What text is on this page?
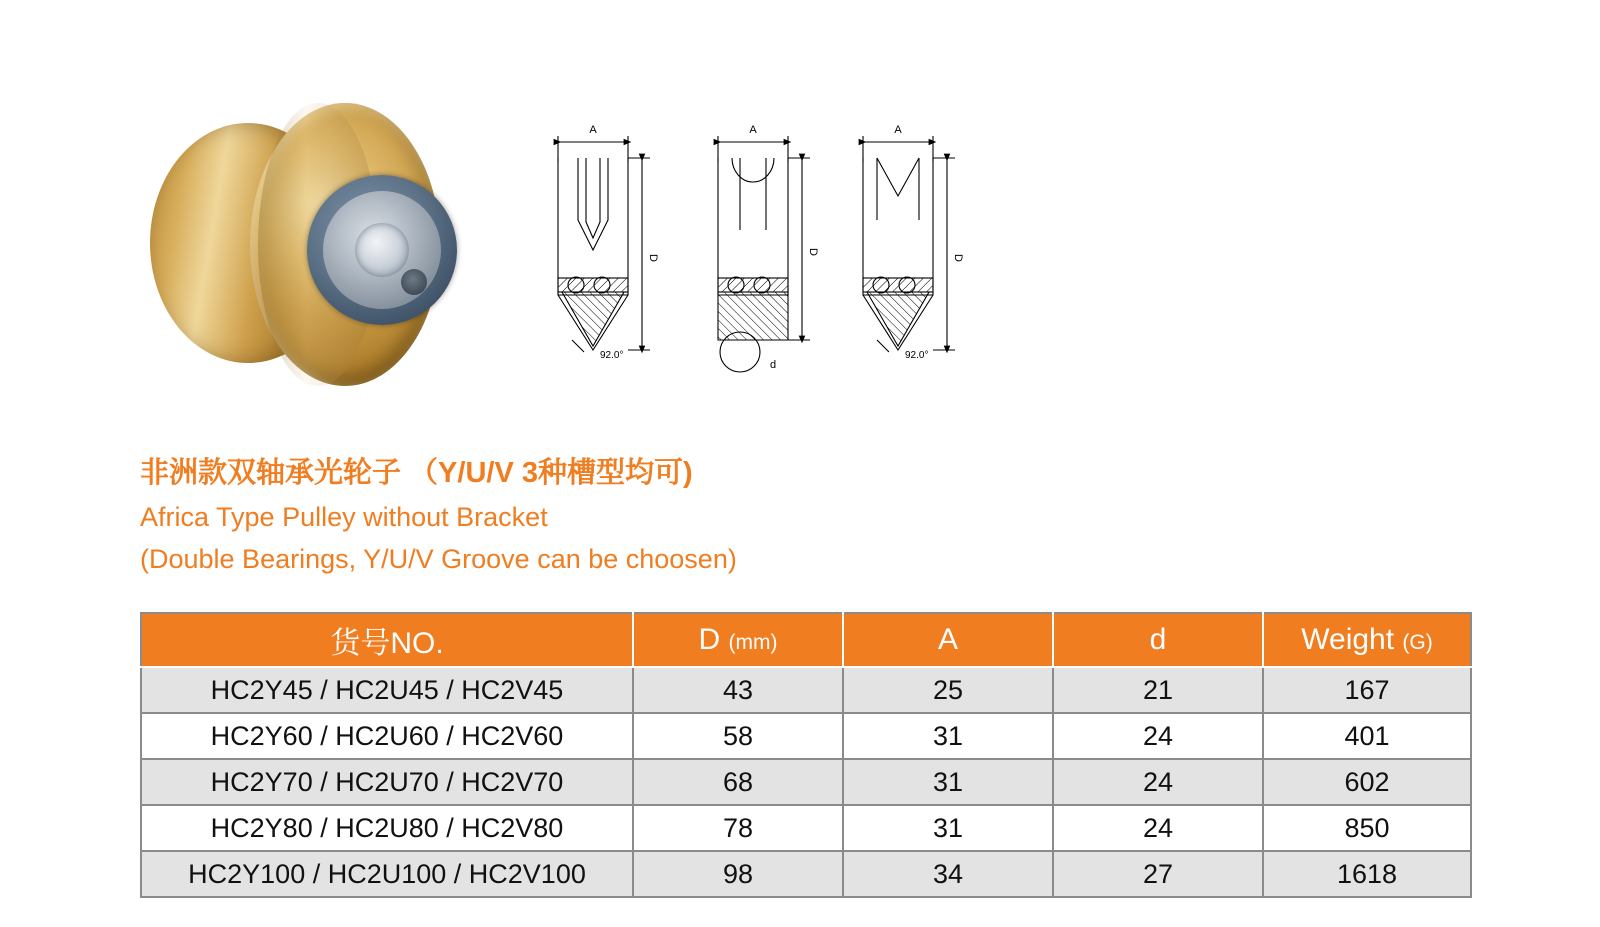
A
D
92.0°
A
d
D
A
D
92.0°
非洲款双轴承光轮子 （Y/U/V 3种槽型均可)
Africa Type Pulley without Bracket
(Double Bearings, Y/U/V Groove can be choosen)
货号NO.	D (mm)	A	d	Weight (G)
HC2Y45 / HC2U45 / HC2V45	43	25	21	167
HC2Y60 / HC2U60 / HC2V60	58	31	24	401
HC2Y70 / HC2U70 / HC2V70	68	31	24	602
HC2Y80 / HC2U80 / HC2V80	78	31	24	850
HC2Y100 / HC2U100 / HC2V100	98	34	27	1618
